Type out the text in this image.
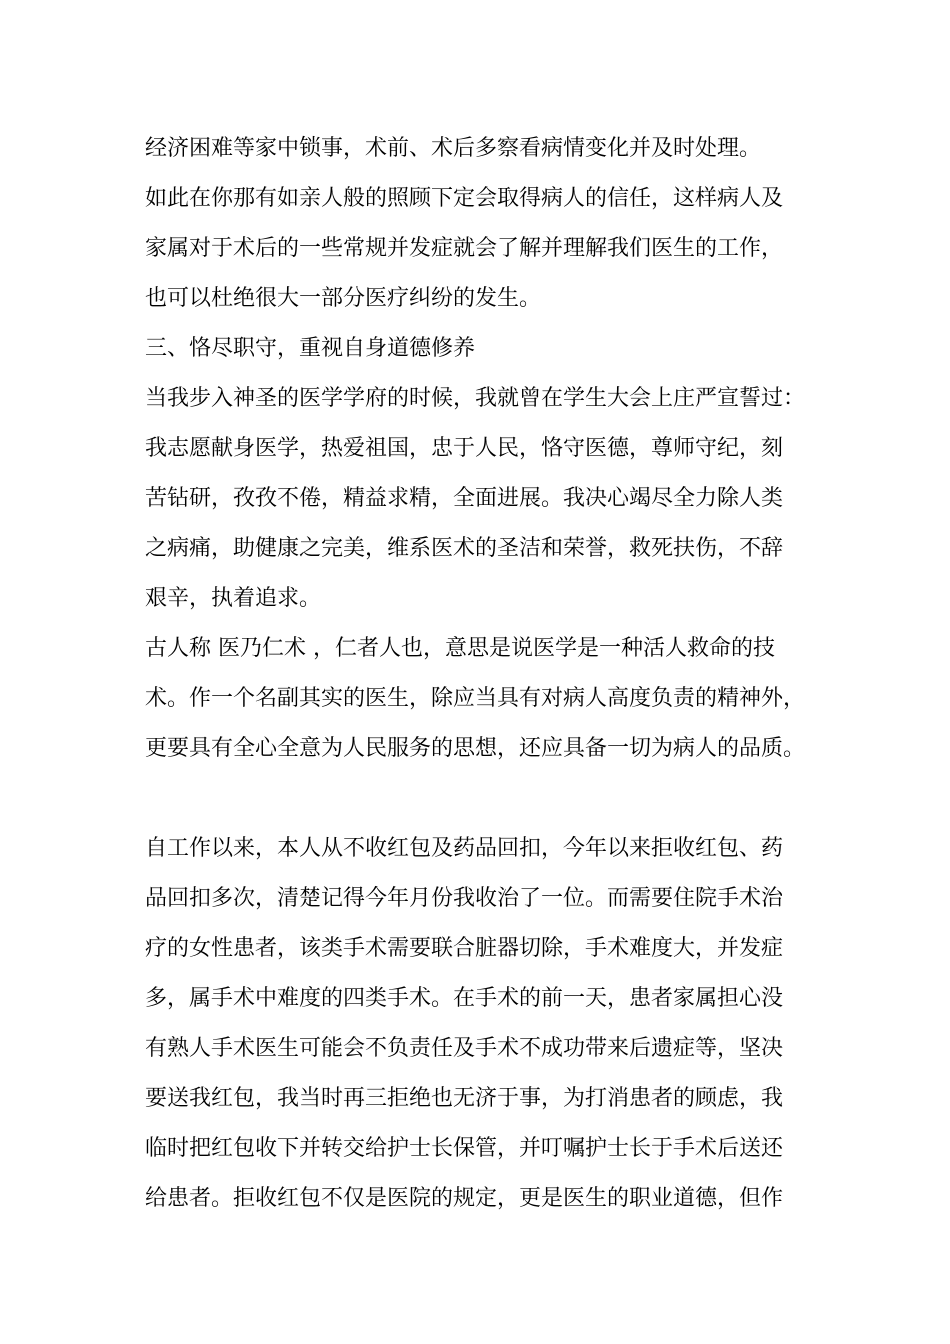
经济困难等家中锁事，术前、术后多察看病情变化并及时处理。

如此在你那有如亲人般的照顾下定会取得病人的信任，这样病人及

家属对于术后的一些常规并发症就会了解并理解我们医生的工作，

也可以杜绝很大一部分医疗纠纷的发生。

三、恪尽职守，重视自身道德修养

当我步入神圣的医学学府的时候，我就曾在学生大会上庄严宣誓过：

我志愿献身医学，热爱祖国，忠于人民，恪守医德，尊师守纪，刻

苦钻研，孜孜不倦，精益求精，全面进展。我决心竭尽全力除人类

之病痛，助健康之完美，维系医术的圣洁和荣誉，救死扶伤，不辞

艰辛，执着追求。

古人称 医乃仁术 ，仁者人也，意思是说医学是一种活人救命的技

术。作一个名副其实的医生，除应当具有对病人高度负责的精神外，

更要具有全心全意为人民服务的思想，还应具备一切为病人的品质。

自工作以来，本人从不收红包及药品回扣，今年以来拒收红包、药

品回扣多次，清楚记得今年月份我收治了一位。而需要住院手术治

疗的女性患者，该类手术需要联合脏器切除，手术难度大，并发症

多，属手术中难度的四类手术。在手术的前一天，患者家属担心没

有熟人手术医生可能会不负责任及手术不成功带来后遗症等，坚决

要送我红包，我当时再三拒绝也无济于事，为打消患者的顾虑，我

临时把红包收下并转交给护士长保管，并叮嘱护士长于手术后送还

给患者。拒收红包不仅是医院的规定，更是医生的职业道德，但作
